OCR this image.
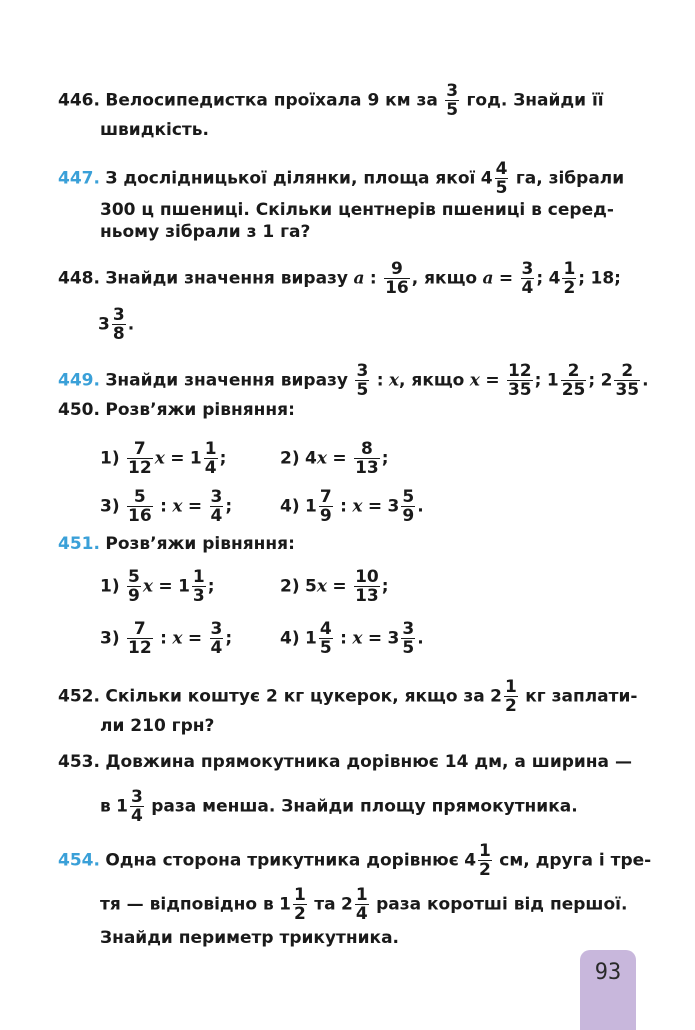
446. Велосипедистка проїхала 9 км за $\frac{3}{5}$ год. Знайди її
швидкість.
447. З дослідницької ділянки, площа якої $4 \frac{4}{5}$ га, зібрали
300 ц пшениці. Скільки центнерів пшениці в серед-
ньому зібрали з 1 га?
448. Знайди значення виразу a : $\frac{9}{16}$ , якщо $a = \frac{3}{4}$ ; $4 \frac{1}{2}$ ; 18;
$3 \frac{3}{8}$ .
449. Знайди значення виразу $\frac{3}{5}$ : x, якщо $x = \frac{12}{35}$ ; $1 \frac{2}{25}$ ; $2 \frac{2}{35}$ .
450. Розв’яжи рівняння:
$1) \frac{7}{12}$ $x = 1 \frac{1}{4}$ ;	2) $4x = \frac{8}{13}$ ;
$3) \frac{5}{16}$ : $x = \frac{3}{4}$ ;	4) $1 \frac{7}{9}$ : $x = 3 \frac{5}{9}$ .
451. Розв’яжи рівняння:
$1) \frac{5}{9}$ $x = 1 \frac{1}{3}$ ;	2) $5x = \frac{10}{13}$ ;
$3) \frac{7}{12}$ : $x = \frac{3}{4}$ ;	4) $1 \frac{4}{5}$ : $x = 3 \frac{3}{5}$ .
452. Скільки коштує 2 кг цукерок, якщо за $2 \frac{1}{2}$ кг заплати-
ли 210 грн?
453. Довжина прямокутника дорівнює 14 дм, а ширина —
в $1 \frac{3}{4}$ раза менша. Знайди площу прямокутника.
454. Одна сторона трикутника дорівнює $4 \frac{1}{2}$ см, друга і тре-
тя — відповідно в $1 \frac{1}{2}$ та $2 \frac{1}{4}$ раза коротші від першої.
Знайди периметр трикутника.
93
